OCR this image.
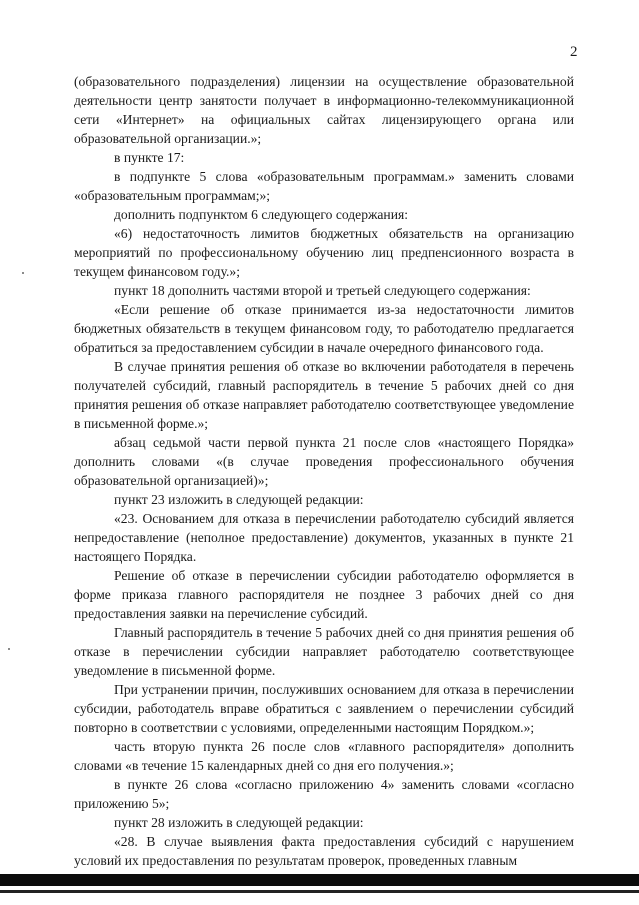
2

(образовательного подразделения) лицензии на осуществление образовательной деятельности центр занятости получает в информационно-телекоммуникационной сети «Интернет» на официальных сайтах лицензирующего органа или образовательной организации.»;

в пункте 17:

в подпункте 5 слова «образовательным программам.» заменить словами «образовательным программам;»;

дополнить подпунктом 6 следующего содержания:

«6) недостаточность лимитов бюджетных обязательств на организацию мероприятий по профессиональному обучению лиц предпенсионного возраста в текущем финансовом году.»;

пункт 18 дополнить частями второй и третьей следующего содержания:

«Если решение об отказе принимается из-за недостаточности лимитов бюджетных обязательств в текущем финансовом году, то работодателю предлагается обратиться за предоставлением субсидии в начале очередного финансового года.

В случае принятия решения об отказе во включении работодателя в перечень получателей субсидий, главный распорядитель в течение 5 рабочих дней со дня принятия решения об отказе направляет работодателю соответствующее уведомление в письменной форме.»;

абзац седьмой части первой пункта 21 после слов «настоящего Порядка» дополнить словами «(в случае проведения профессионального обучения образовательной организацией)»;

пункт 23 изложить в следующей редакции:

«23. Основанием для отказа в перечислении работодателю субсидий является непредоставление (неполное предоставление) документов, указанных в пункте 21 настоящего Порядка.

Решение об отказе в перечислении субсидии работодателю оформляется в форме приказа главного распорядителя не позднее 3 рабочих дней со дня предоставления заявки на перечисление субсидий.

Главный распорядитель в течение 5 рабочих дней со дня принятия решения об отказе в перечислении субсидии направляет работодателю соответствующее уведомление в письменной форме.

При устранении причин, послуживших основанием для отказа в перечислении субсидии, работодатель вправе обратиться с заявлением о перечислении субсидий повторно в соответствии с условиями, определенными настоящим Порядком.»;

часть вторую пункта 26 после слов «главного распорядителя» дополнить словами «в течение 15 календарных дней со дня его получения.»;

в пункте 26 слова «согласно приложению 4» заменить словами «согласно приложению 5»;

пункт 28 изложить в следующей редакции:

«28. В случае выявления факта предоставления субсидий с нарушением условий их предоставления по результатам проверок, проведенных главным
